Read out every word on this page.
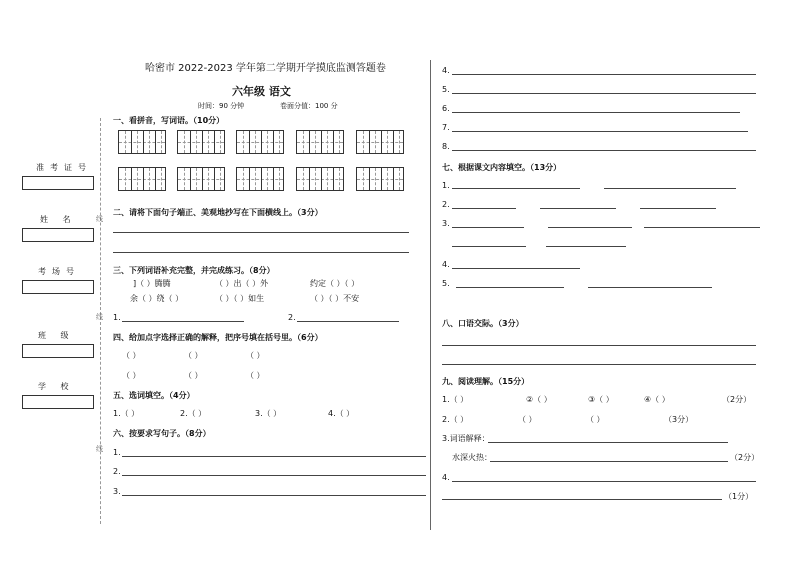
哈密市 2022-2023 学年第二学期开学摸底监测答题卷
六年级 语文
时间：90 分钟	卷面分值：100 分
准考证号
姓 名
考场号
班 级
学 校
线
线
线
一、看拼音，写词语。（10分）
二、请将下面句子端正、美观地抄写在下面横线上。（3分）
三、下列词语补充完整，并完成练习。（8分）
]（ ）腾腾	（ ）出（ ）外	约定（ ）（ ）
余（ ）绕（ ）	（ ）（ ）如生	（ ）（ ）不安
1.	2.
四、给加点字选择正确的解释，把序号填在括号里。（6分）
（ ）	（ ）	（ ）
（ ）	（ ）	（ ）
五、选词填空。（4分）
1.（ ）	2.（ ）	3.（ ）	4.（ ）
六、按要求写句子。（8分）
1.
2.
3.
4.
5.
6.
7.
8.
七、根据课文内容填空。（13分）
1.
2.
3.
4.
5.
八、口语交际。（3分）
九、阅读理解。（15分）
1.（ ）	②（ ）	③（ ）	④（ ）	（2分）
2.（ ）	（ ）	（ ）	（3分）
3.词语解释：
水深火热：	（2分）
4.
（1分）
